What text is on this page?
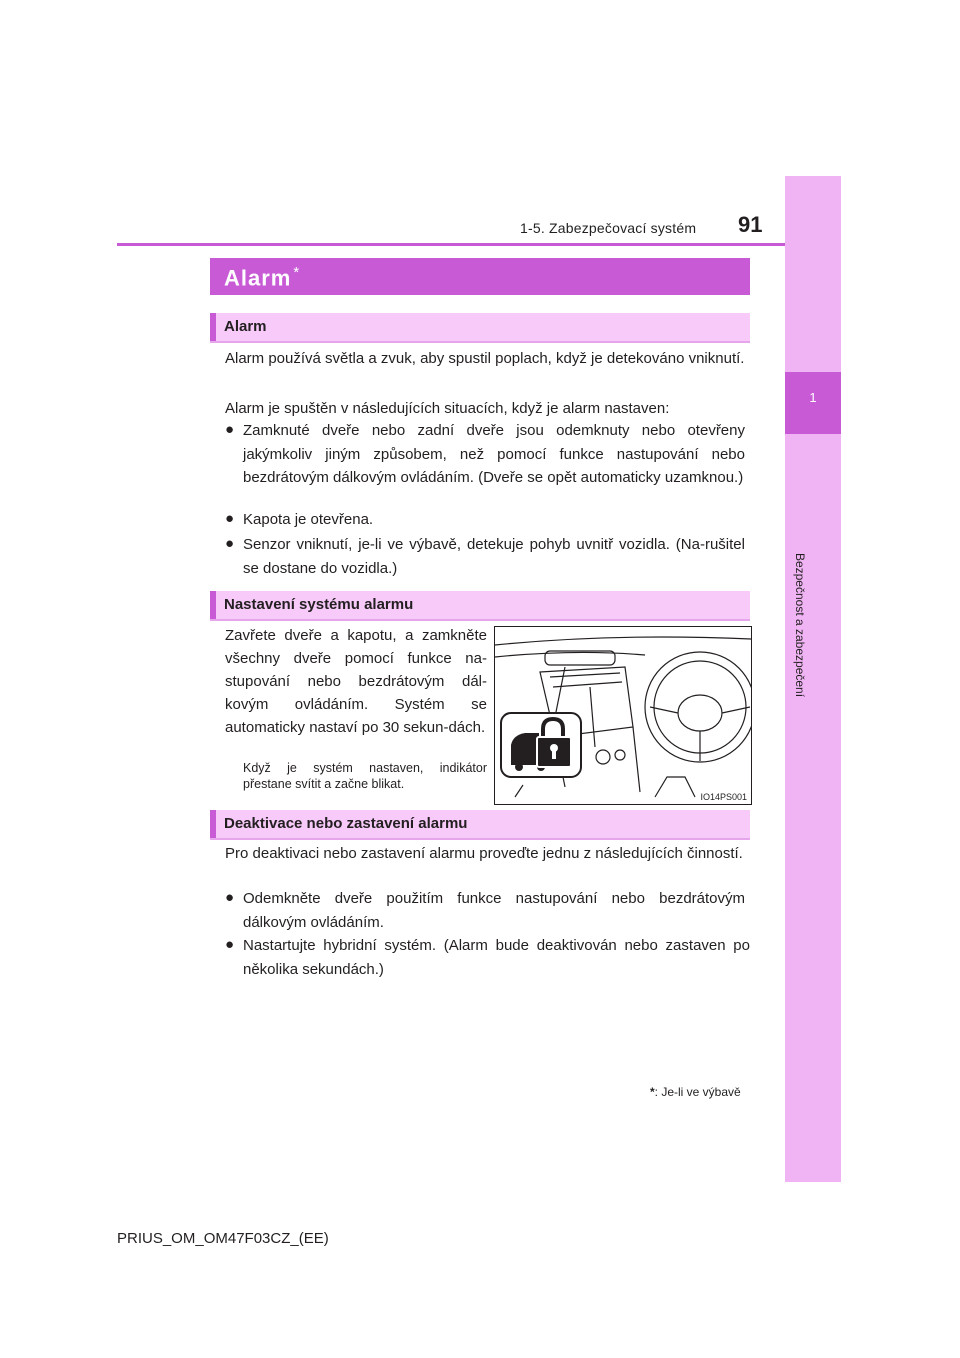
1-5. Zabezpečovací systém 91
1
Bezpečnost a zabezpečení
Alarm *
Alarm
Alarm používá světla a zvuk, aby spustil poplach, když je detekováno vniknutí.
Alarm je spuštěn v následujících situacích, když je alarm nastaven:
● Zamknuté dveře nebo zadní dveře jsou odemknuty nebo otevřeny jakýmkoliv jiným způsobem, než pomocí funkce nastupování nebo bezdrátovým dálkovým ovládáním. (Dveře se opět automaticky uzamknou.)
● Kapota je otevřena.
● Senzor vniknutí, je-li ve výbavě, detekuje pohyb uvnitř vozidla. (Na-rušitel se dostane do vozidla.)
Nastavení systému alarmu
Zavřete dveře a kapotu, a zamkněte všechny dveře pomocí funkce na-stupování nebo bezdrátovým dál-kovým ovládáním. Systém se automaticky nastaví po 30 sekun-dách.
Když je systém nastaven, indikátor přestane svítit a začne blikat.
IO14PS001
Deaktivace nebo zastavení alarmu
Pro deaktivaci nebo zastavení alarmu proveďte jednu z následujících činností.
● Odemkněte dveře použitím funkce nastupování nebo bezdrátovým dálkovým ovládáním.
● Nastartujte hybridní systém. (Alarm bude deaktivován nebo zastaven po několika sekundách.)
*: Je-li ve výbavě
PRIUS_OM_OM47F03CZ_(EE)
